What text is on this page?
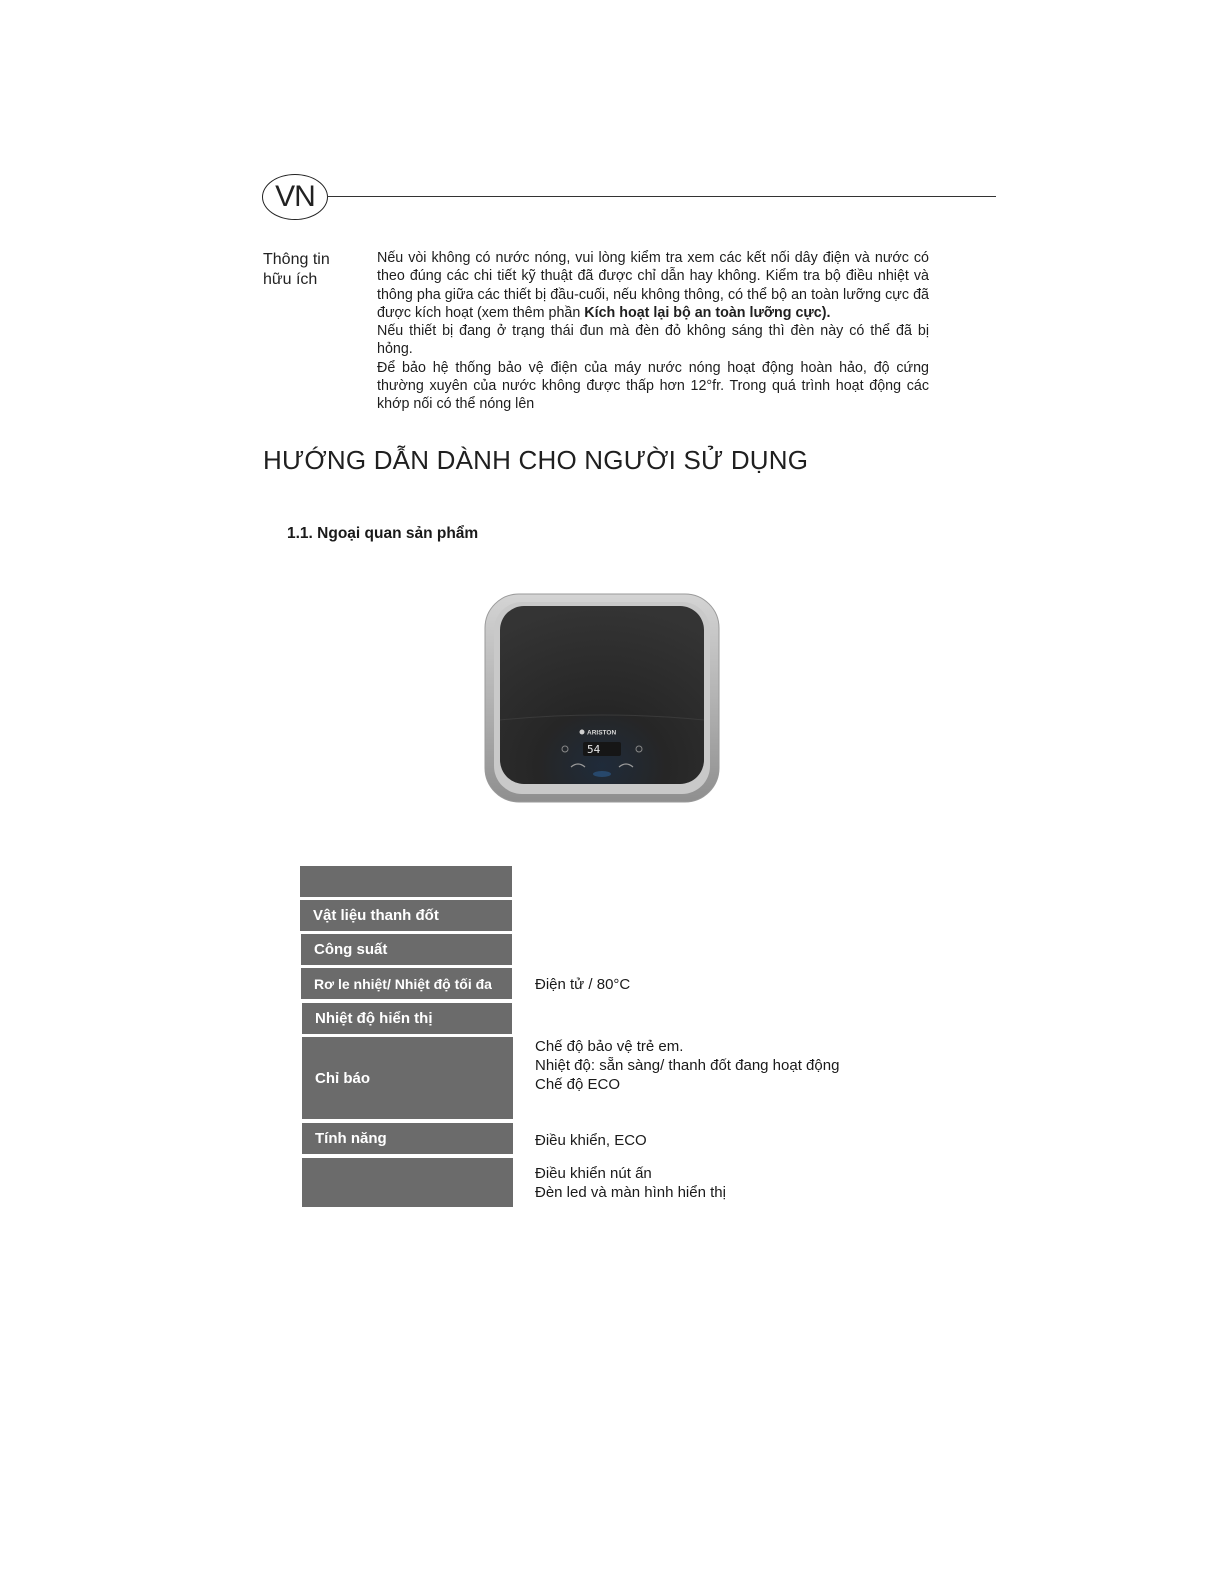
VN
Thông tin
hữu ích

Nếu vòi không có nước nóng, vui lòng kiểm tra xem các kết nối dây điện và nước có theo đúng các chi tiết kỹ thuật đã được chỉ dẫn hay không. Kiểm tra bộ điều nhiệt và thông pha giữa các thiết bị đầu-cuối, nếu không thông, có thể bộ an toàn lưỡng cực đã được kích hoạt (xem thêm phần Kích hoạt lại bộ an toàn lưỡng cực).

Nếu thiết bị đang ở trạng thái đun mà đèn đỏ không sáng thì đèn này có thể đã bị hỏng.

Để bảo hệ thống bảo vệ điện của máy nước nóng hoạt động hoàn hảo, độ cứng thường xuyên của nước không được thấp hơn 12°fr. Trong quá trình hoạt động các khớp nối có thể nóng lên

HƯỚNG DẪN DÀNH CHO NGƯỜI SỬ DỤNG
1.1. Ngoại quan sản phẩm
ARISTON
54
Vật liệu thanh đốt
Công suất
Rơ le nhiệt/ Nhiệt độ tối đa	Điện tử / 80°C
Nhiệt độ hiển thị
Chỉ báo
Chế độ bảo vệ trẻ em.
Nhiệt độ: sẵn sàng/ thanh đốt đang hoạt động
Chế độ ECO
Tính năng	Điều khiển, ECO
Điều khiển nút ấn
Đèn led và màn hình hiển thị
